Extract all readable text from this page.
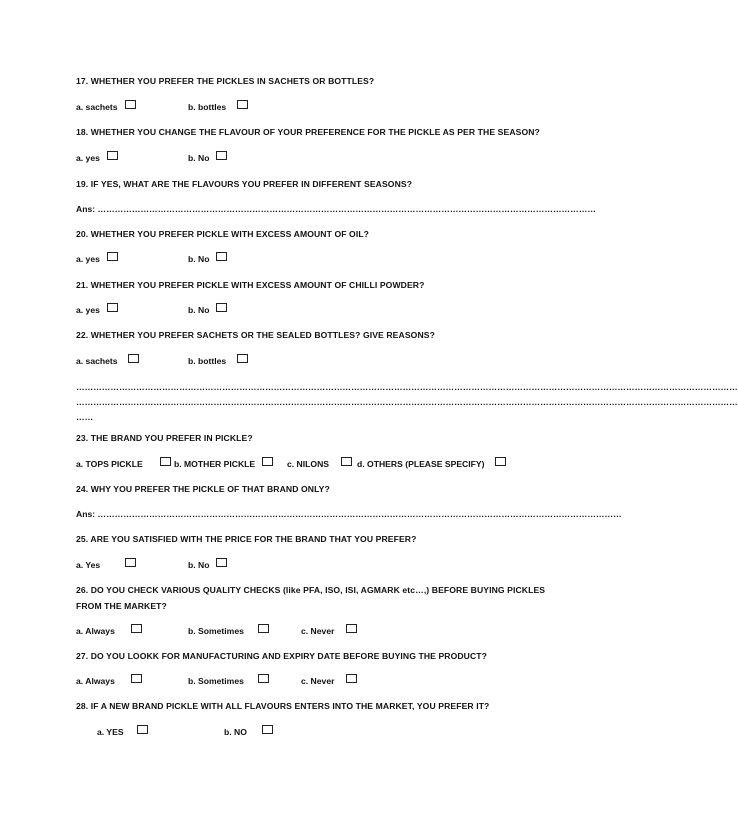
17. WHETHER YOU PREFER THE PICKLES IN SACHETS OR BOTTLES?
a. sachets	b. bottles
18. WHETHER YOU CHANGE THE FLAVOUR OF YOUR PREFERENCE FOR THE PICKLE AS PER THE SEASON?
a. yes	b. No
19. IF YES, WHAT ARE THE FLAVOURS YOU PREFER IN DIFFERENT SEASONS?
Ans: …………………………………………………………………………………………………………………………………………………………
20. WHETHER YOU PREFER PICKLE WITH EXCESS AMOUNT OF OIL?
a. yes	b. No
21. WHETHER YOU PREFER PICKLE WITH EXCESS AMOUNT OF CHILLI POWDER?
a. yes	b. No
22. WHETHER YOU PREFER SACHETS OR THE SEALED BOTTLES? GIVE REASONS?
a. sachets	b. bottles
……………………………………………………………………………………………………………………………………………………………………………………………………………
……………………………………………………………………………………………………………………………………………………………………………………………………………
……
23. THE BRAND YOU PREFER IN PICKLE?
a. TOPS PICKLE	b. MOTHER PICKLE	c. NILONS	d. OTHERS (PLEASE SPECIFY)
24. WHY YOU PREFER THE PICKLE OF THAT BRAND ONLY?
Ans: …………………………………………………………………………………………………………………………………………………………………
25. ARE YOU SATISFIED WITH THE PRICE FOR THE BRAND THAT YOU PREFER?
a. Yes	b. No
26. DO YOU CHECK VARIOUS QUALITY CHECKS (like PFA, ISO, ISI, AGMARK etc…,) BEFORE BUYING PICKLES
FROM THE MARKET?
a. Always	b. Sometimes	c. Never
27. DO YOU LOOKK FOR MANUFACTURING AND EXPIRY DATE BEFORE BUYING THE PRODUCT?
a. Always	b. Sometimes	c. Never
28. IF A NEW BRAND PICKLE WITH ALL FLAVOURS ENTERS INTO THE MARKET, YOU PREFER IT?
a. YES	b. NO
